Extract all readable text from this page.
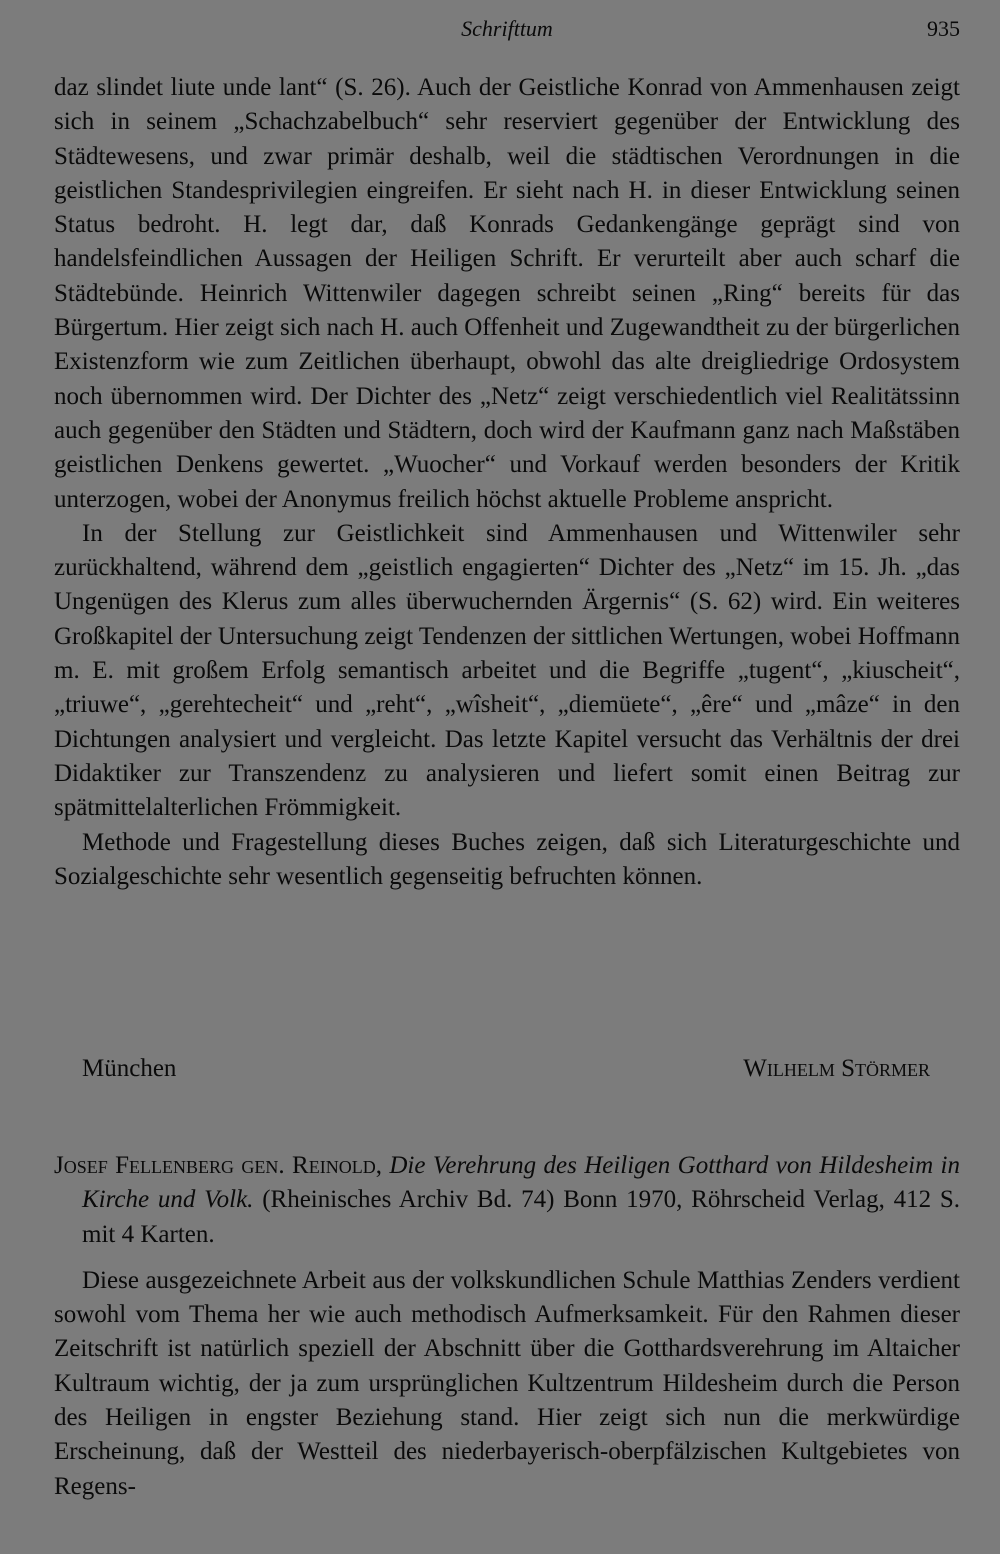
Schrifttum	935

daz slindet liute unde lant“ (S. 26). Auch der Geistliche Konrad von Ammenhausen zeigt sich in seinem „Schachzabelbuch“ sehr reserviert gegenüber der Entwicklung des Städtewesens, und zwar primär deshalb, weil die städtischen Verordnungen in die geistlichen Standesprivilegien eingreifen. Er sieht nach H. in dieser Entwicklung seinen Status bedroht. H. legt dar, daß Konrads Gedankengänge geprägt sind von handelsfeindlichen Aussagen der Heiligen Schrift. Er verurteilt aber auch scharf die Städtebünde. Heinrich Wittenwiler dagegen schreibt seinen „Ring“ bereits für das Bürgertum. Hier zeigt sich nach H. auch Offenheit und Zugewandtheit zu der bürgerlichen Existenzform wie zum Zeitlichen überhaupt, obwohl das alte dreigliedrige Ordosystem noch übernommen wird. Der Dichter des „Netz“ zeigt verschiedentlich viel Realitätssinn auch gegenüber den Städten und Städtern, doch wird der Kaufmann ganz nach Maßstäben geistlichen Denkens gewertet. „Wuocher“ und Vorkauf werden besonders der Kritik unterzogen, wobei der Anonymus freilich höchst aktuelle Probleme anspricht.

In der Stellung zur Geistlichkeit sind Ammenhausen und Wittenwiler sehr zurückhaltend, während dem „geistlich engagierten“ Dichter des „Netz“ im 15. Jh. „das Ungenügen des Klerus zum alles überwuchernden Ärgernis“ (S. 62) wird. Ein weiteres Großkapitel der Untersuchung zeigt Tendenzen der sittlichen Wertungen, wobei Hoffmann m. E. mit großem Erfolg semantisch arbeitet und die Begriffe „tugent“, „kiuscheit“, „triuwe“, „gerehtecheit“ und „reht“, „wîsheit“, „diemüete“, „êre“ und „mâze“ in den Dichtungen analysiert und vergleicht. Das letzte Kapitel versucht das Verhältnis der drei Didaktiker zur Transzendenz zu analysieren und liefert somit einen Beitrag zur spätmittelalterlichen Frömmigkeit.

Methode und Fragestellung dieses Buches zeigen, daß sich Literaturgeschichte und Sozialgeschichte sehr wesentlich gegenseitig befruchten können.

München	Wilhelm Störmer

Josef Fellenberg gen. Reinold, Die Verehrung des Heiligen Gotthard von Hildesheim in Kirche und Volk. (Rheinisches Archiv Bd. 74) Bonn 1970, Röhrscheid Verlag, 412 S. mit 4 Karten.

Diese ausgezeichnete Arbeit aus der volkskundlichen Schule Matthias Zenders verdient sowohl vom Thema her wie auch methodisch Aufmerksamkeit. Für den Rahmen dieser Zeitschrift ist natürlich speziell der Abschnitt über die Gotthardsverehrung im Altaicher Kultraum wichtig, der ja zum ursprünglichen Kultzentrum Hildesheim durch die Person des Heiligen in engster Beziehung stand. Hier zeigt sich nun die merkwürdige Erscheinung, daß der Westteil des niederbayerisch-oberpfälzischen Kultgebietes von Regens-
